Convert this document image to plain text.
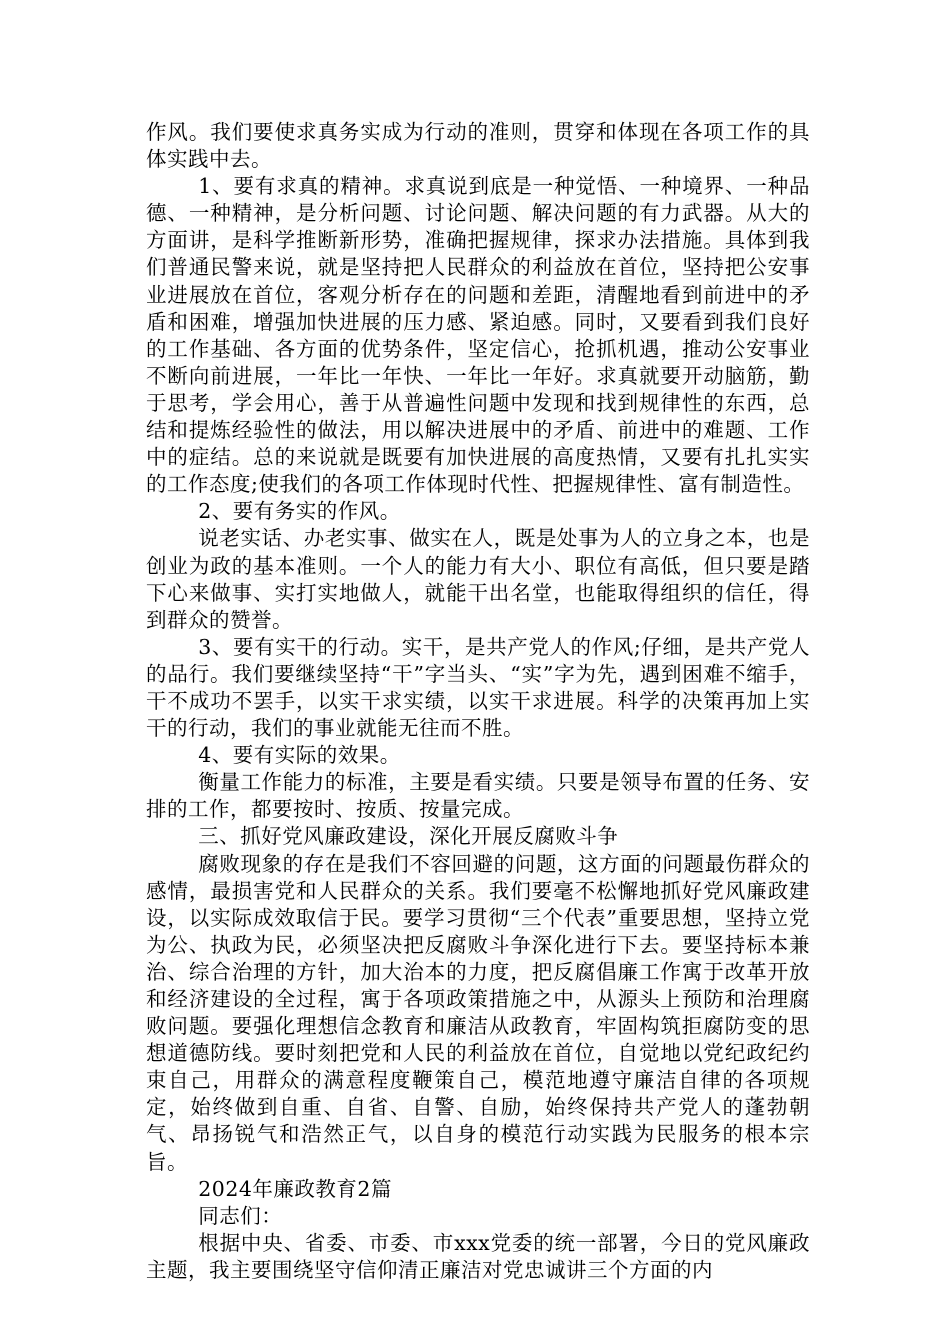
作风。我们要使求真务实成为行动的准则，贯穿和体现在各项工作的具体实践中去。

1、要有求真的精神。求真说到底是一种觉悟、一种境界、一种品德、一种精神，是分析问题、讨论问题、解决问题的有力武器。从大的方面讲，是科学推断新形势，准确把握规律，探求办法措施。具体到我们普通民警来说，就是坚持把人民群众的利益放在首位，坚持把公安事业进展放在首位，客观分析存在的问题和差距，清醒地看到前进中的矛盾和困难，增强加快进展的压力感、紧迫感。同时，又要看到我们良好的工作基础、各方面的优势条件，坚定信心，抢抓机遇，推动公安事业不断向前进展，一年比一年快、一年比一年好。求真就要开动脑筋，勤于思考，学会用心，善于从普遍性问题中发现和找到规律性的东西，总结和提炼经验性的做法，用以解决进展中的矛盾、前进中的难题、工作中的症结。总的来说就是既要有加快进展的高度热情，又要有扎扎实实的工作态度;使我们的各项工作体现时代性、把握规律性、富有制造性。

2、要有务实的作风。

说老实话、办老实事、做实在人，既是处事为人的立身之本，也是创业为政的基本准则。一个人的能力有大小、职位有高低，但只要是踏下心来做事、实打实地做人，就能干出名堂，也能取得组织的信任，得到群众的赞誉。

3、要有实干的行动。实干，是共产党人的作风;仔细，是共产党人的品行。我们要继续坚持“干”字当头、“实”字为先，遇到困难不缩手，干不成功不罢手，以实干求实绩，以实干求进展。科学的决策再加上实干的行动，我们的事业就能无往而不胜。

4、要有实际的效果。

衡量工作能力的标准，主要是看实绩。只要是领导布置的任务、安排的工作，都要按时、按质、按量完成。

三、抓好党风廉政建设，深化开展反腐败斗争

腐败现象的存在是我们不容回避的问题，这方面的问题最伤群众的感情，最损害党和人民群众的关系。我们要毫不松懈地抓好党风廉政建设，以实际成效取信于民。要学习贯彻“三个代表”重要思想，坚持立党为公、执政为民，必须坚决把反腐败斗争深化进行下去。要坚持标本兼治、综合治理的方针，加大治本的力度，把反腐倡廉工作寓于改革开放和经济建设的全过程，寓于各项政策措施之中，从源头上预防和治理腐败问题。要强化理想信念教育和廉洁从政教育，牢固构筑拒腐防变的思想道德防线。要时刻把党和人民的利益放在首位，自觉地以党纪政纪约束自己，用群众的满意程度鞭策自己，模范地遵守廉洁自律的各项规定，始终做到自重、自省、自警、自励，始终保持共产党人的蓬勃朝气、昂扬锐气和浩然正气，以自身的模范行动实践为民服务的根本宗旨。

2024年廉政教育2篇

同志们：

根据中央、省委、市委、市xxx党委的统一部署，今日的党风廉政主题，我主要围绕坚守信仰清正廉洁对党忠诚讲三个方面的内
